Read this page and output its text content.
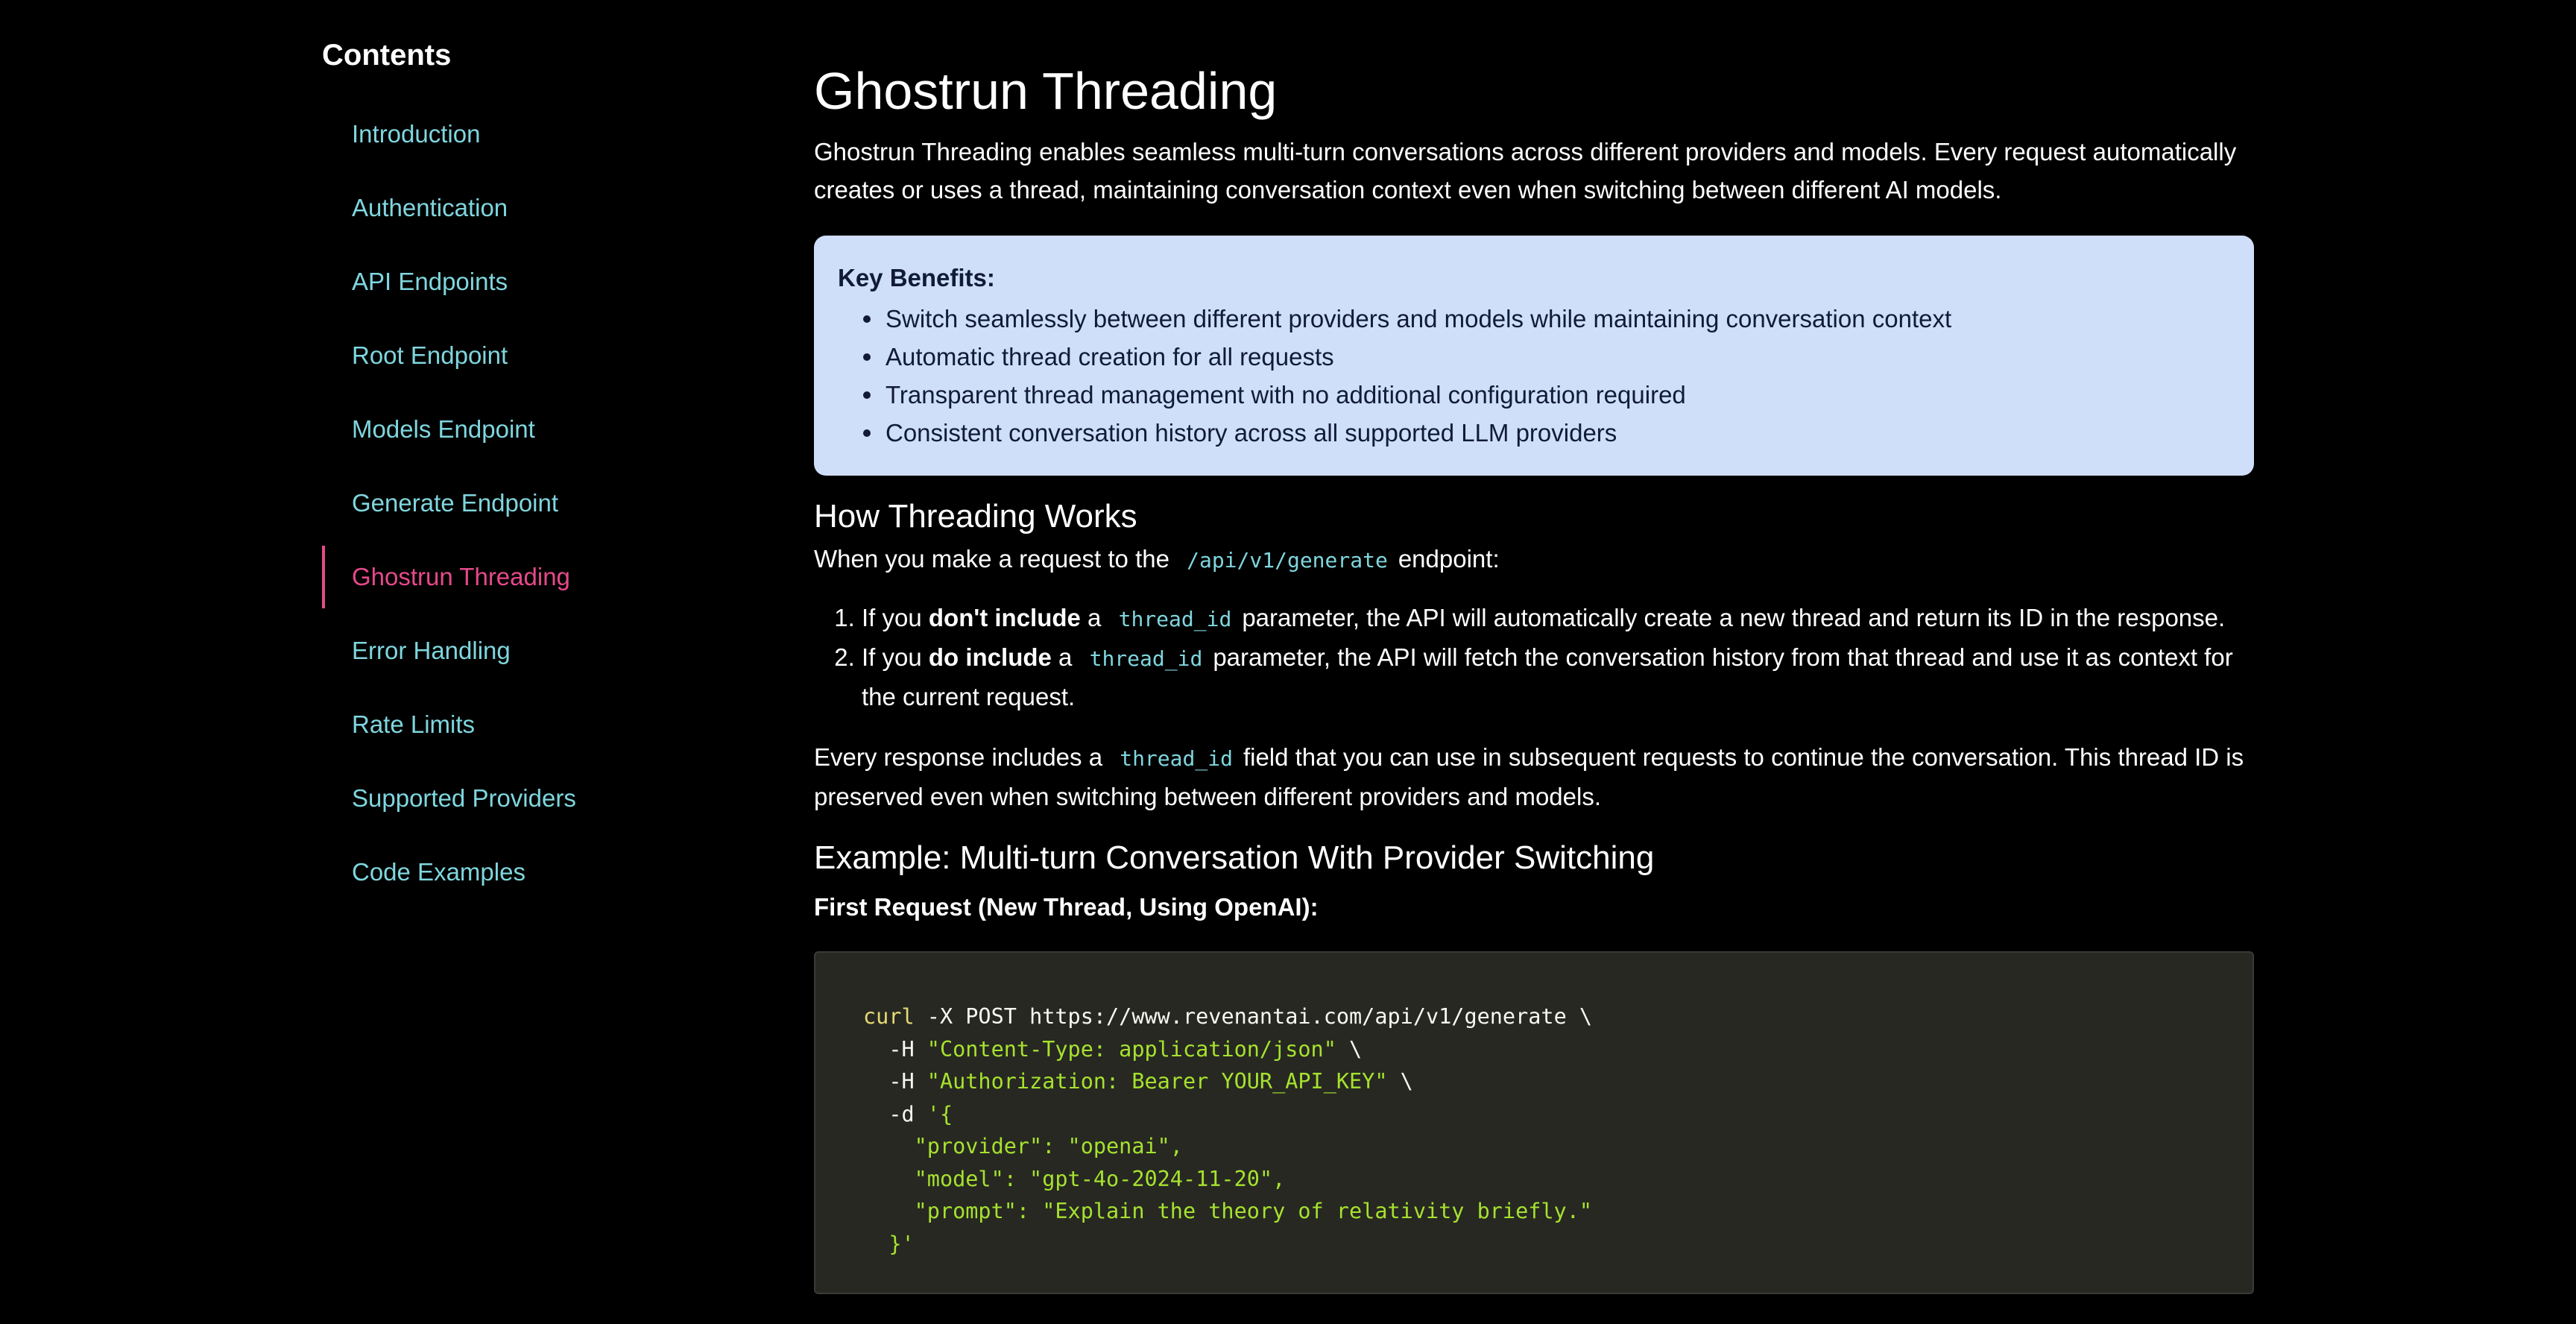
Contents
Introduction
Authentication
API Endpoints
Root Endpoint
Models Endpoint
Generate Endpoint
Ghostrun Threading
Error Handling
Rate Limits
Supported Providers
Code Examples
Ghostrun Threading

Ghostrun Threading enables seamless multi-turn conversations across different providers and models. Every request automatically creates or uses a thread, maintaining conversation context even when switching between different AI models.

Key Benefits:
Switch seamlessly between different providers and models while maintaining conversation context
Automatic thread creation for all requests
Transparent thread management with no additional configuration required
Consistent conversation history across all supported LLM providers
How Threading Works

When you make a request to the /api/v1/generate endpoint:

1. If you don't include a thread_id parameter, the API will automatically create a new thread and return its ID in the response.
2. If you do include a thread_id parameter, the API will fetch the conversation history from that thread and use it as context for the current request.

Every response includes a thread_id field that you can use in subsequent requests to continue the conversation. This thread ID is preserved even when switching between different providers and models.

Example: Multi-turn Conversation With Provider Switching
First Request (New Thread, Using OpenAI):
curl -X POST https://www.revenantai.com/api/v1/generate \
-H "Content-Type: application/json" \
-H "Authorization: Bearer YOUR_API_KEY" \
-d '{
"provider": "openai",
"model": "gpt-4o-2024-11-20",
"prompt": "Explain the theory of relativity briefly."
}'
